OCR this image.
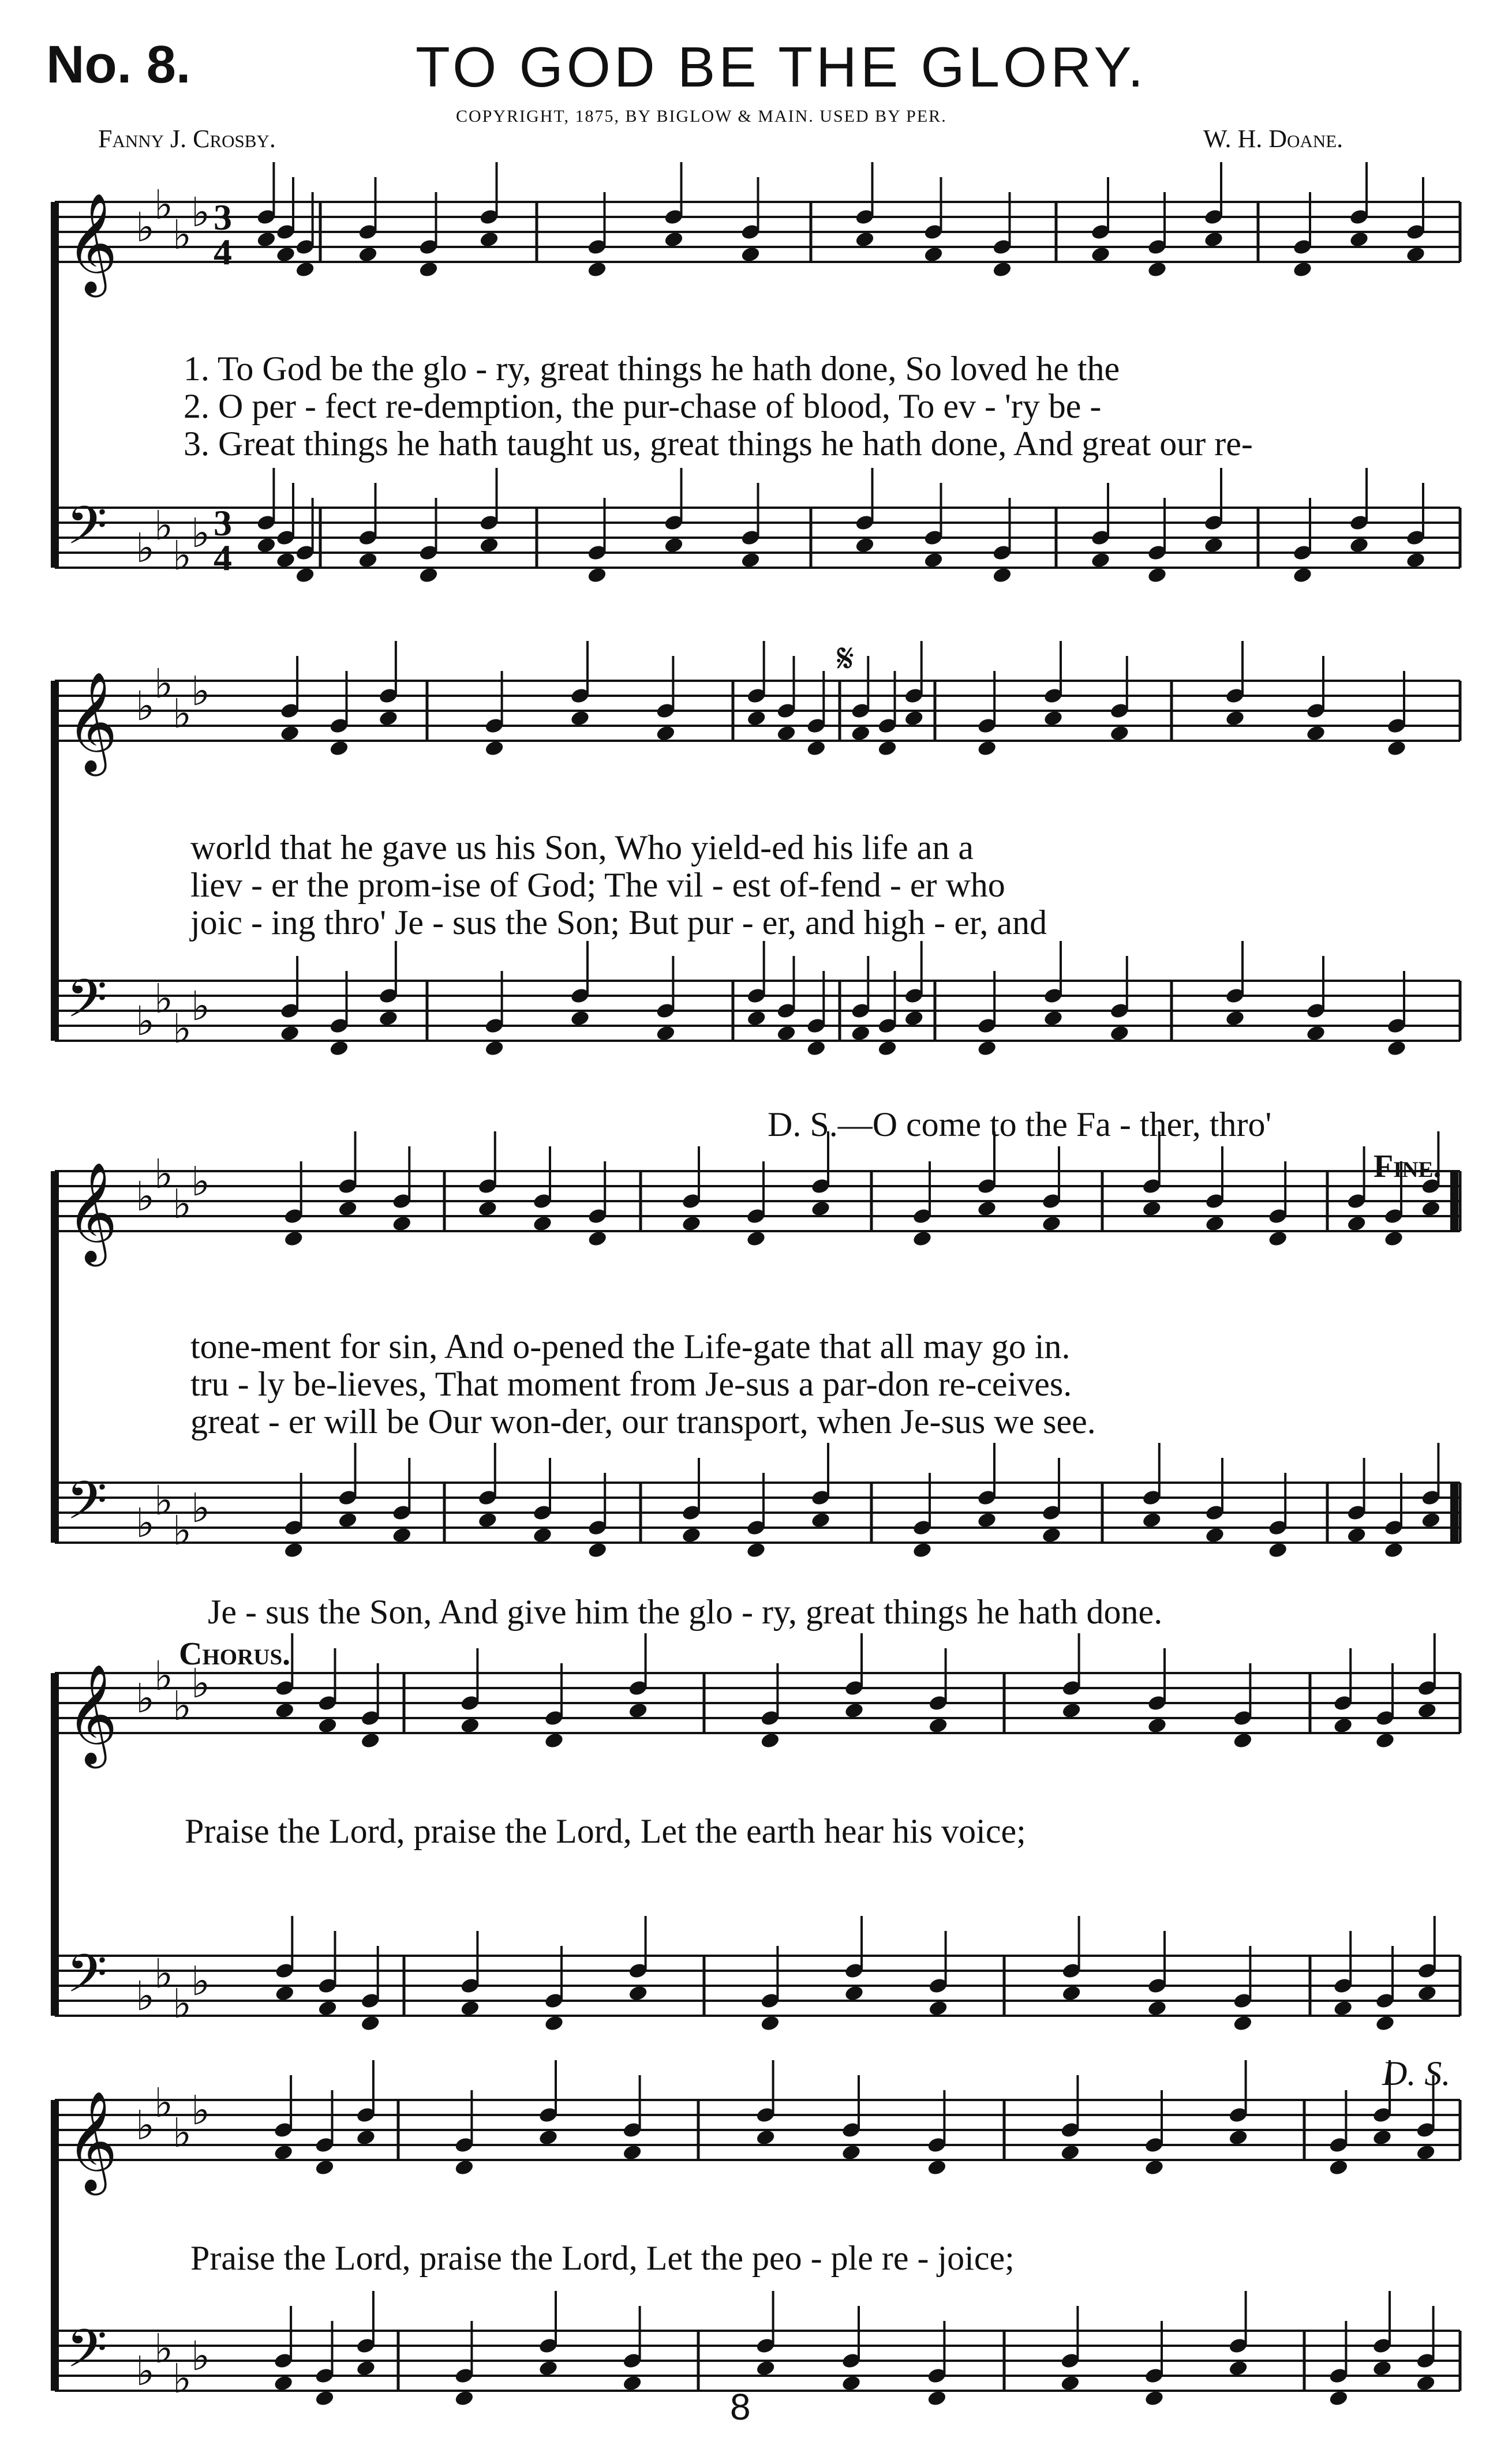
No. 8.	TO GOD BE THE GLORY.
COPYRIGHT, 1875, BY BIGLOW & MAIN. USED BY PER.
Fanny J. Crosby.	W. H. Doane.
𝄞 ♭
♭
♭
♭ 3
4
𝄢 ♭
♭
♭
♭ 3
4
𝄞 ♭
♭
♭
♭
𝄢 ♭
♭
♭
♭
𝄞 ♭
♭
♭
♭
𝄢 ♭
♭
♭
♭
𝄞 ♭
♭
♭
♭
𝄢 ♭
♭
♭
♭
𝄞 ♭
♭
♭
♭
𝄢 ♭
♭
♭
♭
𝄋
1. To God be the glo - ry, great things he hath done, So loved he the
2. O per - fect re-demption, the pur-chase of blood, To ev - 'ry be -
3. Great things he hath taught us, great things he hath done, And great our re-
world that he gave us his Son, Who yield-ed his life an a
liev - er the prom-ise of God; The vil - est of-fend - er who
joic - ing thro' Je - sus the Son; But pur - er, and high - er, and
D. S.—O come to the Fa - ther, thro'
Fine.
tone-ment for sin, And o-pened the Life-gate that all may go in.
tru - ly be-lieves, That moment from Je-sus a par-don re-ceives.
great - er will be Our won-der, our transport, when Je-sus we see.
Je - sus the Son, And give him the glo - ry, great things he hath done.
Chorus.
Praise the Lord, praise the Lord, Let the earth hear his voice;
D. S.
Praise the Lord, praise the Lord, Let the peo - ple re - joice;
8
